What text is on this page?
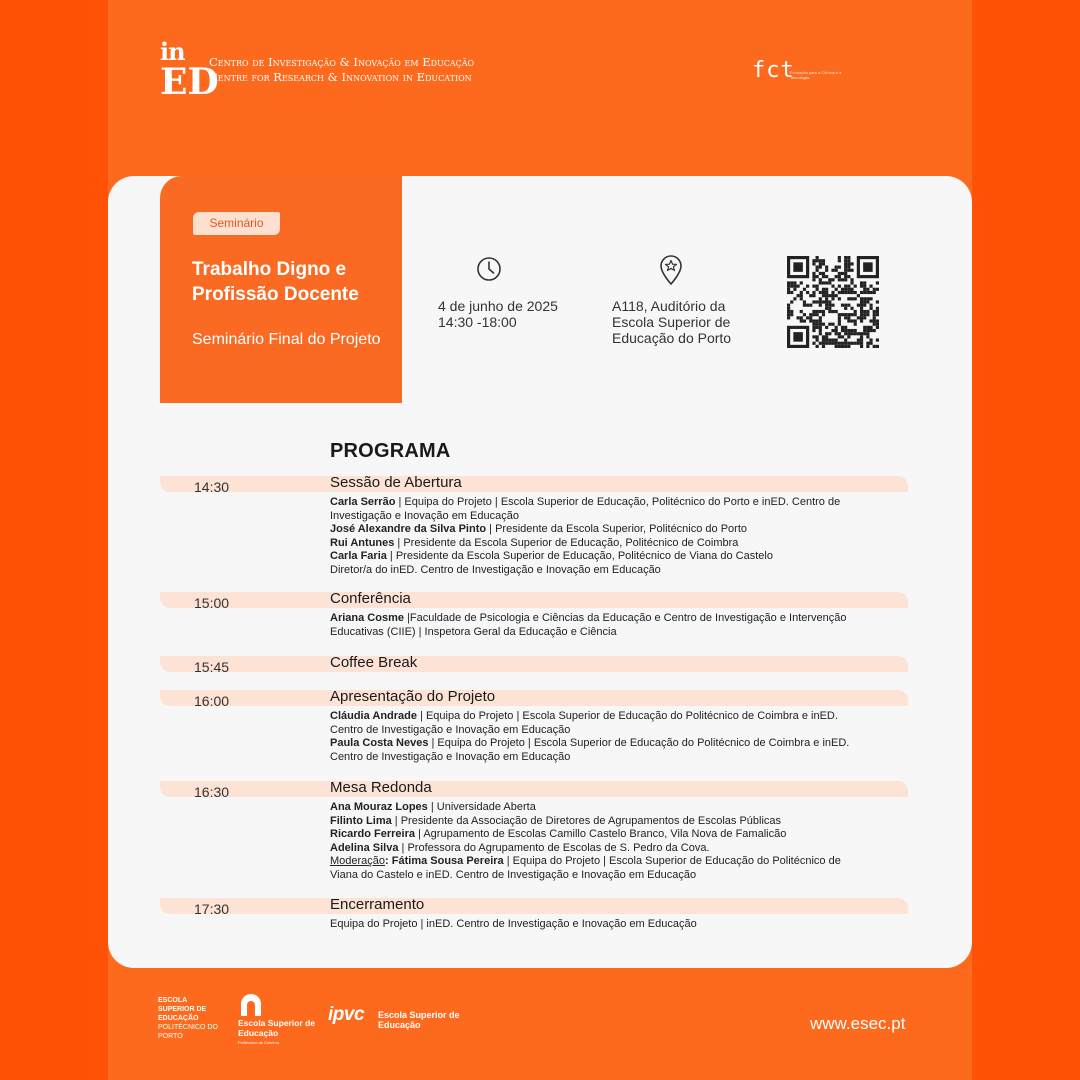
in
ED
Centro de Investigação & Inovação em Educação
Centre for Research & Innovation in Education	fct
Fundação para a Ciência e a Tecnologia
Seminário
Trabalho Digno e Profissão Docente
Seminário Final do Projeto
4 de junho de 2025
14:30 -18:00
A118, Auditório da Escola Superior de Educação do Porto
PROGRAMA
14:30	Sessão de Abertura
Carla Serrão | Equipa do Projeto | Escola Superior de Educação, Politécnico do Porto e inED. Centro de Investigação e Inovação em Educação
José Alexandre da Silva Pinto | Presidente da Escola Superior, Politécnico do Porto
Rui Antunes | Presidente da Escola Superior de Educação, Politécnico de Coimbra
Carla Faria | Presidente da Escola Superior de Educação, Politécnico de Viana do Castelo
Diretor/a do inED. Centro de Investigação e Inovação em Educação
15:00	Conferência
Ariana Cosme |Faculdade de Psicologia e Ciências da Educação e Centro de Investigação e Intervenção Educativas (CIIE) | Inspetora Geral da Educação e Ciência
15:45	Coffee Break
16:00	Apresentação do Projeto
Cláudia Andrade | Equipa do Projeto | Escola Superior de Educação do Politécnico de Coimbra e inED. Centro de Investigação e Inovação em Educação
Paula Costa Neves | Equipa do Projeto | Escola Superior de Educação do Politécnico de Coimbra e inED. Centro de Investigação e Inovação em Educação
16:30	Mesa Redonda
Ana Mouraz Lopes | Universidade Aberta
Filinto Lima | Presidente da Associação de Diretores de Agrupamentos de Escolas Públicas
Ricardo Ferreira | Agrupamento de Escolas Camillo Castelo Branco, Vila Nova de Famalicão
Adelina Silva | Professora do Agrupamento de Escolas de S. Pedro da Cova.
Moderação: Fátima Sousa Pereira | Equipa do Projeto | Escola Superior de Educação do Politécnico de Viana do Castelo e inED. Centro de Investigação e Inovação em Educação
17:30	Encerramento
Equipa do Projeto | inED. Centro de Investigação e Inovação em Educação
ESCOLA SUPERIOR DE EDUCAÇÃO
POLITÉCNICO DO PORTO
Escola Superior de Educação
Politécnico de Coimbra
ipvc Escola Superior de Educação	www.esec.pt
